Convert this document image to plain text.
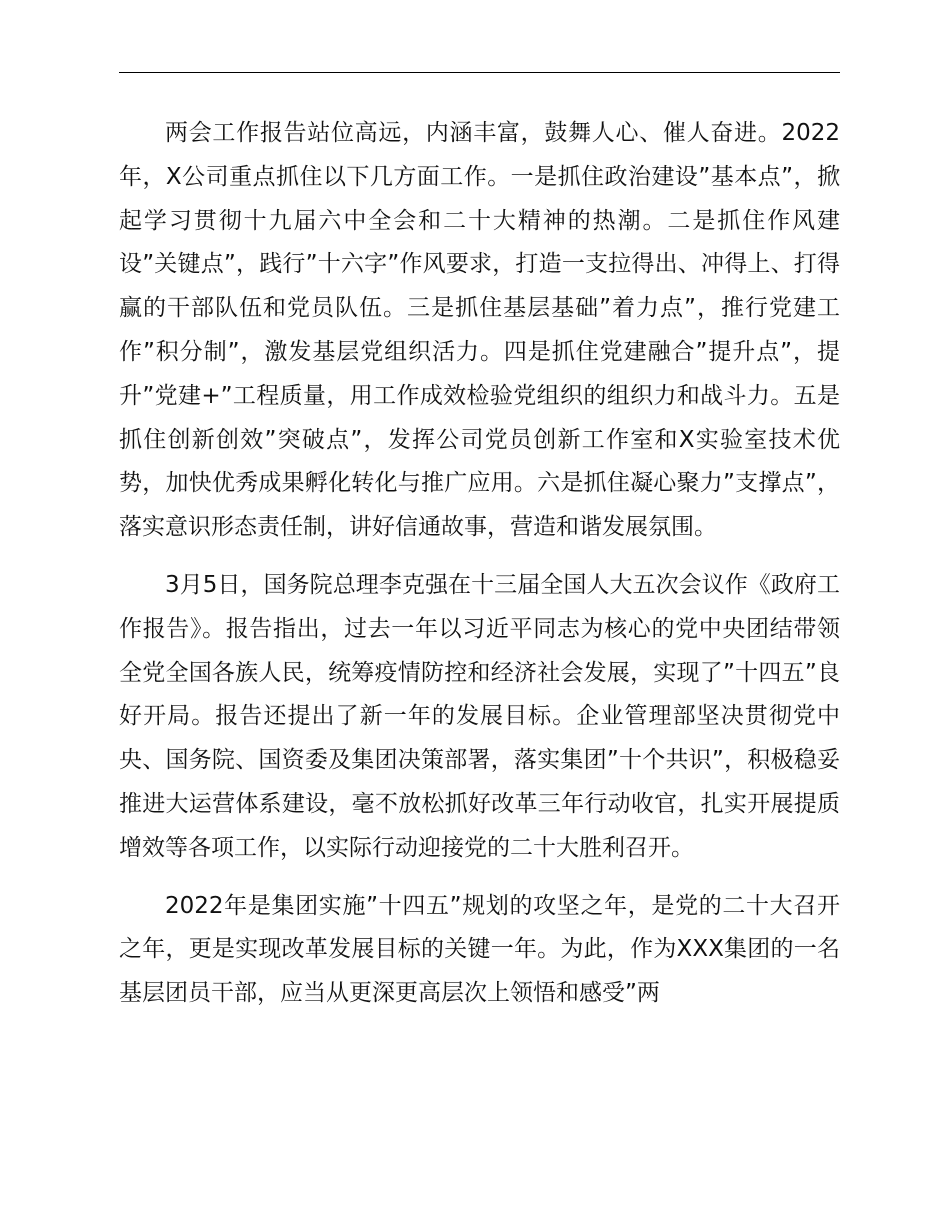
两会工作报告站位高远，内涵丰富，鼓舞人心、催人奋进。2022年，X公司重点抓住以下几方面工作。一是抓住政治建设”基本点”，掀起学习贯彻十九届六中全会和二十大精神的热潮。二是抓住作风建设”关键点”，践行”十六字”作风要求，打造一支拉得出、冲得上、打得赢的干部队伍和党员队伍。三是抓住基层基础”着力点”，推行党建工作”积分制”，激发基层党组织活力。四是抓住党建融合”提升点”，提升”党建+”工程质量，用工作成效检验党组织的组织力和战斗力。五是抓住创新创效”突破点”，发挥公司党员创新工作室和X实验室技术优势，加快优秀成果孵化转化与推广应用。六是抓住凝心聚力”支撑点”，落实意识形态责任制，讲好信通故事，营造和谐发展氛围。

3月5日，国务院总理李克强在十三届全国人大五次会议作《政府工作报告》。报告指出，过去一年以习近平同志为核心的党中央团结带领全党全国各族人民，统筹疫情防控和经济社会发展，实现了”十四五”良好开局。报告还提出了新一年的发展目标。企业管理部坚决贯彻党中央、国务院、国资委及集团决策部署，落实集团”十个共识”，积极稳妥推进大运营体系建设，毫不放松抓好改革三年行动收官，扎实开展提质增效等各项工作，以实际行动迎接党的二十大胜利召开。

2022年是集团实施”十四五”规划的攻坚之年，是党的二十大召开之年，更是实现改革发展目标的关键一年。为此，作为XXX集团的一名基层团员干部，应当从更深更高层次上领悟和感受”两
